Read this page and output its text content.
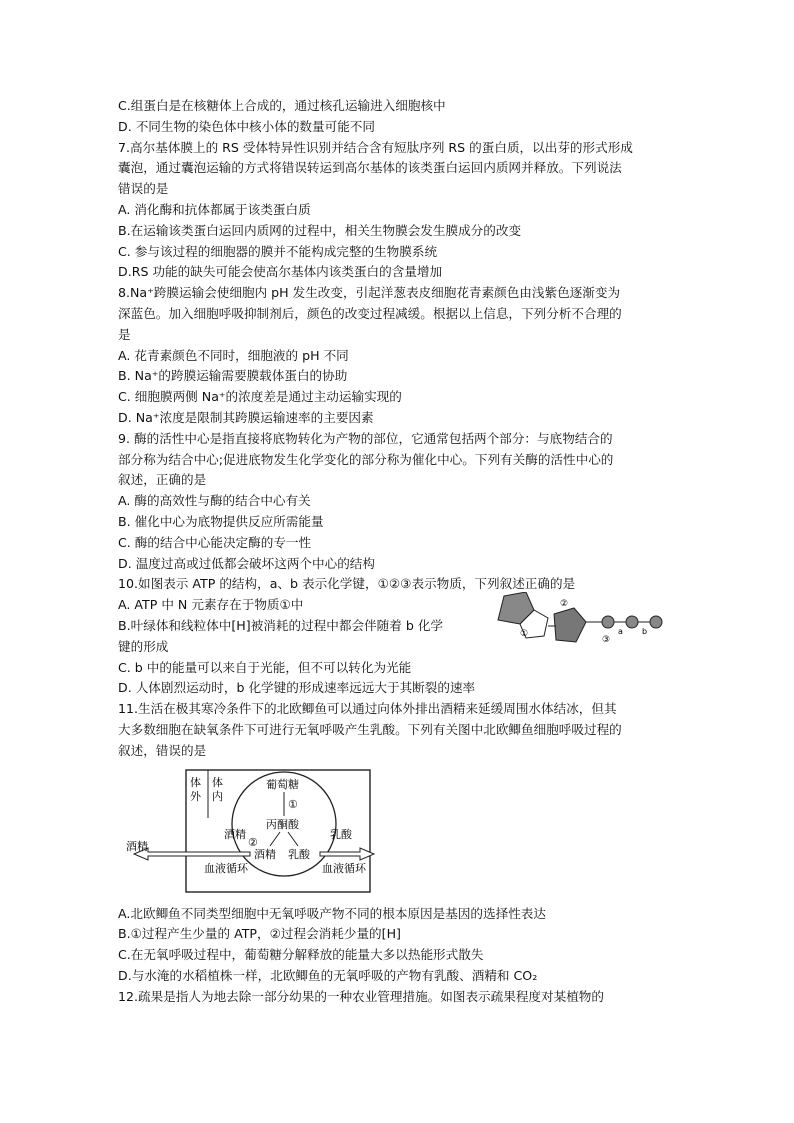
C.组蛋白是在核糖体上合成的，通过核孔运输进入细胞核中
D. 不同生物的染色体中核小体的数量可能不同
7.高尔基体膜上的 RS 受体特异性识别并结合含有短肽序列 RS 的蛋白质，以出芽的形式形成
囊泡，通过囊泡运输的方式将错误转运到高尔基体的该类蛋白运回内质网并释放。下列说法
错误的是
A. 消化酶和抗体都属于该类蛋白质
B.在运输该类蛋白运回内质网的过程中，相关生物膜会发生膜成分的改变
C. 参与该过程的细胞器的膜并不能构成完整的生物膜系统
D.RS 功能的缺失可能会使高尔基体内该类蛋白的含量增加
8.Na⁺跨膜运输会使细胞内 pH 发生改变，引起洋葱表皮细胞花青素颜色由浅紫色逐渐变为
深蓝色。加入细胞呼吸抑制剂后，颜色的改变过程减缓。根据以上信息，下列分析不合理的
是
A. 花青素颜色不同时，细胞液的 pH 不同
B. Na⁺的跨膜运输需要膜载体蛋白的协助
C. 细胞膜两侧 Na⁺的浓度差是通过主动运输实现的
D. Na⁺浓度是限制其跨膜运输速率的主要因素
9. 酶的活性中心是指直接将底物转化为产物的部位，它通常包括两个部分：与底物结合的
部分称为结合中心;促进底物发生化学变化的部分称为催化中心。下列有关酶的活性中心的
叙述，正确的是
A. 酶的高效性与酶的结合中心有关
B. 催化中心为底物提供反应所需能量
C. 酶的结合中心能决定酶的专一性
D. 温度过高或过低都会破坏这两个中心的结构
10.如图表示 ATP 的结构，a、b 表示化学键，①②③表示物质，下列叙述正确的是
A. ATP 中 N 元素存在于物质①中
B.叶绿体和线粒体中[H]被消耗的过程中都会伴随着 b 化学
键的形成
C. b 中的能量可以来自于光能，但不可以转化为光能
D. 人体剧烈运动时，b 化学键的形成速率远远大于其断裂的速率
①
②
③
a b
11.生活在极其寒冷条件下的北欧鲫鱼可以通过向体外排出酒精来延缓周围水体结冰，但其
大多数细胞在缺氧条件下可进行无氧呼吸产生乳酸。下列有关图中北欧鲫鱼细胞呼吸过程的
叙述，错误的是
体
外
体
内
葡萄糖
①
丙酮酸
②
酒精 乳酸
酒精	乳酸
酒精
血液循环	血液循环
A.北欧鲫鱼不同类型细胞中无氧呼吸产物不同的根本原因是基因的选择性表达
B.①过程产生少量的 ATP，②过程会消耗少量的[H]
C.在无氧呼吸过程中，葡萄糖分解释放的能量大多以热能形式散失
D.与水淹的水稻植株一样，北欧鲫鱼的无氧呼吸的产物有乳酸、酒精和 CO₂
12.疏果是指人为地去除一部分幼果的一种农业管理措施。如图表示疏果程度对某植物的
